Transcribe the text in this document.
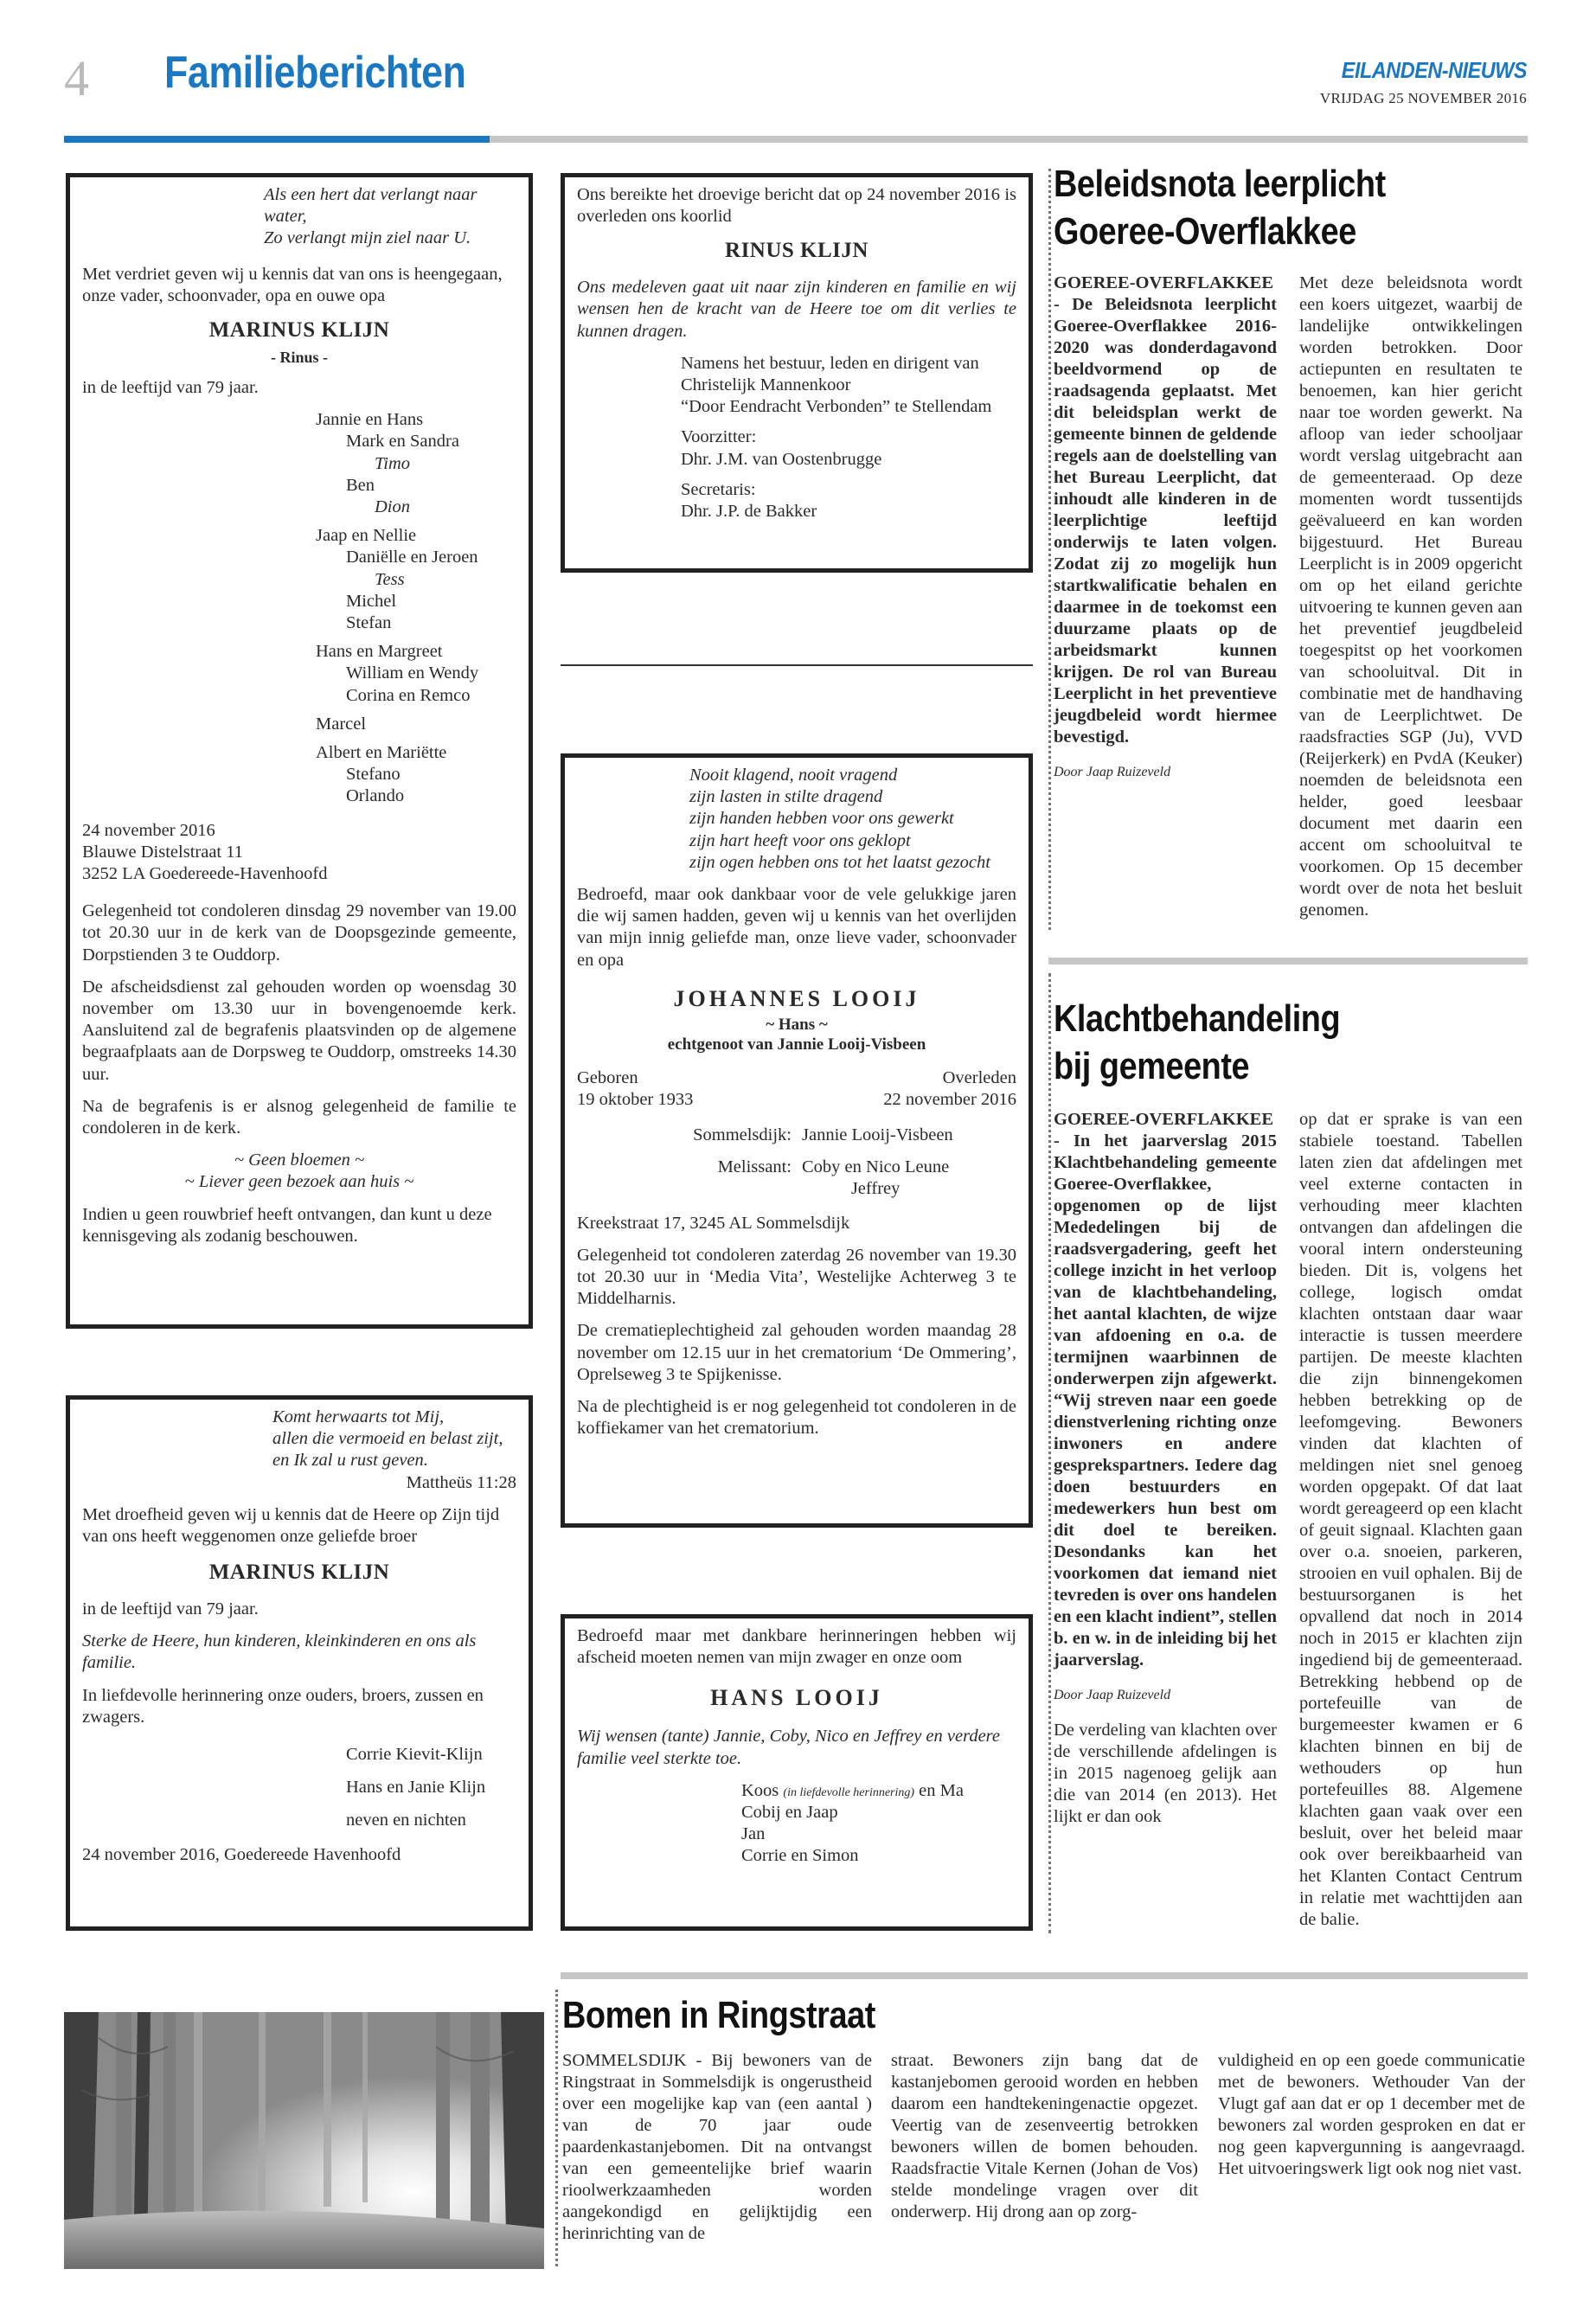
4 Familieberichten	EILANDEN-NIEUWS
VRIJDAG 25 NOVEMBER 2016

Als een hert dat verlangt naar water,
Zo verlangt mijn ziel naar U.

Met verdriet geven wij u kennis dat van ons is heengegaan, onze vader, schoonvader, opa en ouwe opa

MARINUS KLIJN
- Rinus -

in de leeftijd van 79 jaar.

Jannie en Hans
Mark en Sandra
Timo
Ben
Dion
Jaap en Nellie
Daniëlle en Jeroen
Tess
Michel
Stefan
Hans en Margreet
William en Wendy
Corina en Remco
Marcel
Albert en Mariëtte
Stefano
Orlando

24 november 2016
Blauwe Distelstraat 11
3252 LA Goedereede-Havenhoofd

Gelegenheid tot condoleren dinsdag 29 november van 19.00 tot 20.30 uur in de kerk van de Doopsgezinde gemeente, Dorpstienden 3 te Ouddorp.

De afscheidsdienst zal gehouden worden op woensdag 30 november om 13.30 uur in bovengenoemde kerk. Aansluitend zal de begrafenis plaatsvinden op de algemene begraafplaats aan de Dorpsweg te Ouddorp, omstreeks 14.30 uur.

Na de begrafenis is er alsnog gelegenheid de familie te condoleren in de kerk.

~ Geen bloemen ~
~ Liever geen bezoek aan huis ~

Indien u geen rouwbrief heeft ontvangen, dan kunt u deze kennisgeving als zodanig beschouwen.

Komt herwaarts tot Mij,
allen die vermoeid en belast zijt,
en Ik zal u rust geven.

Mattheüs 11:28

Met droefheid geven wij u kennis dat de Heere op Zijn tijd van ons heeft weggenomen onze geliefde broer

MARINUS KLIJN

in de leeftijd van 79 jaar.

Sterke de Heere, hun kinderen, kleinkinderen en ons als familie.

In liefdevolle herinnering onze ouders, broers, zussen en zwagers.

Corrie Kievit-Klijn
Hans en Janie Klijn
neven en nichten

24 november 2016, Goedereede Havenhoofd

Ons bereikte het droevige bericht dat op 24 november 2016 is overleden ons koorlid

RINUS KLIJN

Ons medeleven gaat uit naar zijn kinderen en familie en wij wensen hen de kracht van de Heere toe om dit verlies te kunnen dragen.

Namens het bestuur, leden en dirigent van
Christelijk Mannenkoor
“Door Eendracht Verbonden” te Stellendam

Voorzitter:
Dhr. J.M. van Oostenbrugge

Secretaris:
Dhr. J.P. de Bakker

Nooit klagend, nooit vragend
zijn lasten in stilte dragend
zijn handen hebben voor ons gewerkt
zijn hart heeft voor ons geklopt
zijn ogen hebben ons tot het laatst gezocht

Bedroefd, maar ook dankbaar voor de vele gelukkige jaren die wij samen hadden, geven wij u kennis van het overlijden van mijn innig geliefde man, onze lieve vader, schoonvader en opa

JOHANNES LOOIJ
~ Hans ~
echtgenoot van Jannie Looij-Visbeen
Geboren
19 oktober 1933
Overleden
22 november 2016
Sommelsdijk: Jannie Looij-Visbeen
Melissant: Coby en Nico Leune
Jeffrey

Kreekstraat 17, 3245 AL Sommelsdijk

Gelegenheid tot condoleren zaterdag 26 november van 19.30 tot 20.30 uur in ‘Media Vita’, Westelijke Achterweg 3 te Middelharnis.

De crematieplechtigheid zal gehouden worden maandag 28 november om 12.15 uur in het crematorium ‘De Ommering’, Oprelseweg 3 te Spijkenisse.

Na de plechtigheid is er nog gelegenheid tot condoleren in de koffiekamer van het crematorium.

Bedroefd maar met dankbare herinneringen hebben wij afscheid moeten nemen van mijn zwager en onze oom

HANS LOOIJ

Wij wensen (tante) Jannie, Coby, Nico en Jeffrey en verdere familie veel sterkte toe.

Koos (in liefdevolle herinnering) en Ma
Cobij en Jaap
Jan
Corrie en Simon
Beleidsnota leerplicht
Goeree-Overflakkee
GOEREE-OVERFLAKKEE - De Beleidsnota leerplicht Goeree-Overflakkee 2016-2020 was donderdagavond beeldvormend op de raadsagenda geplaatst. Met dit beleidsplan werkt de gemeente binnen de geldende regels aan de doelstelling van het Bureau Leerplicht, dat inhoudt alle kinderen in de leerplichtige leeftijd onderwijs te laten volgen. Zodat zij zo mogelijk hun startkwalificatie behalen en daarmee in de toekomst een duurzame plaats op de arbeidsmarkt kunnen krijgen. De rol van Bureau Leerplicht in het preventieve jeugdbeleid wordt hiermee bevestigd.
Door Jaap Ruizeveld
Met deze beleidsnota wordt een koers uitgezet, waarbij de landelijke ontwikkelingen worden betrokken. Door actiepunten en resultaten te benoemen, kan hier gericht naar toe worden gewerkt. Na afloop van ieder schooljaar wordt verslag uitgebracht aan de gemeenteraad. Op deze momenten wordt tussentijds geëvalueerd en kan worden bijgestuurd. Het Bureau Leerplicht is in 2009 opgericht om op het eiland gerichte uitvoering te kunnen geven aan het preventief jeugdbeleid toegespitst op het voorkomen van schooluitval. Dit in combinatie met de handhaving van de Leerplichtwet. De raadsfracties SGP (Ju), VVD (Reijerkerk) en PvdA (Keuker) noemden de beleidsnota een helder, goed leesbaar document met daarin een accent om schooluitval te voorkomen. Op 15 december wordt over de nota het besluit genomen.
Klachtbehandeling
bij gemeente
GOEREE-OVERFLAKKEE - In het jaarverslag 2015 Klachtbehandeling gemeente Goeree-Overflakkee, opgenomen op de lijst Mededelingen bij de raadsvergadering, geeft het college inzicht in het verloop van de klachtbehandeling, het aantal klachten, de wijze van afdoening en o.a. de termijnen waarbinnen de onderwerpen zijn afgewerkt. “Wij streven naar een goede dienstverlening richting onze inwoners en andere gesprekspartners. Iedere dag doen bestuurders en medewerkers hun best om dit doel te bereiken. Desondanks kan het voorkomen dat iemand niet tevreden is over ons handelen en een klacht indient”, stellen b. en w. in de inleiding bij het jaarverslag.
Door Jaap Ruizeveld
De verdeling van klachten over de verschillende afdelingen is in 2015 nagenoeg gelijk aan die van 2014 (en 2013). Het lijkt er dan ook
op dat er sprake is van een stabiele toestand. Tabellen laten zien dat afdelingen met veel externe contacten in verhouding meer klachten ontvangen dan afdelingen die vooral intern ondersteuning bieden. Dit is, volgens het college, logisch omdat klachten ontstaan daar waar interactie is tussen meerdere partijen. De meeste klachten die zijn binnengekomen hebben betrekking op de leefomgeving. Bewoners vinden dat klachten of meldingen niet snel genoeg worden opgepakt. Of dat laat wordt gereageerd op een klacht of geuit signaal. Klachten gaan over o.a. snoeien, parkeren, strooien en vuil ophalen. Bij de bestuursorganen is het opvallend dat noch in 2014 noch in 2015 er klachten zijn ingediend bij de gemeenteraad. Betrekking hebbend op de portefeuille van de burgemeester kwamen er 6 klachten binnen en bij de wethouders op hun portefeuilles 88. Algemene klachten gaan vaak over een besluit, over het beleid maar ook over bereikbaarheid van het Klanten Contact Centrum in relatie met wachttijden aan de balie.
Bomen in Ringstraat
SOMMELSDIJK - Bij bewoners van de Ringstraat in Sommelsdijk is ongerustheid over een mogelijke kap van (een aantal ) van de 70 jaar oude paardenkastanjebomen. Dit na ontvangst van een gemeentelijke brief waarin rioolwerkzaamheden worden aangekondigd en gelijktijdig een herinrichting van de
straat. Bewoners zijn bang dat de kastanjebomen gerooid worden en hebben daarom een handtekeningenactie opgezet. Veertig van de zesenveertig betrokken bewoners willen de bomen behouden. Raadsfractie Vitale Kernen (Johan de Vos) stelde mondelinge vragen over dit onderwerp. Hij drong aan op zorg-
vuldigheid en op een goede communicatie met de bewoners. Wethouder Van der Vlugt gaf aan dat er op 1 december met de bewoners zal worden gesproken en dat er nog geen kapvergunning is aangevraagd. Het uitvoeringswerk ligt ook nog niet vast.
